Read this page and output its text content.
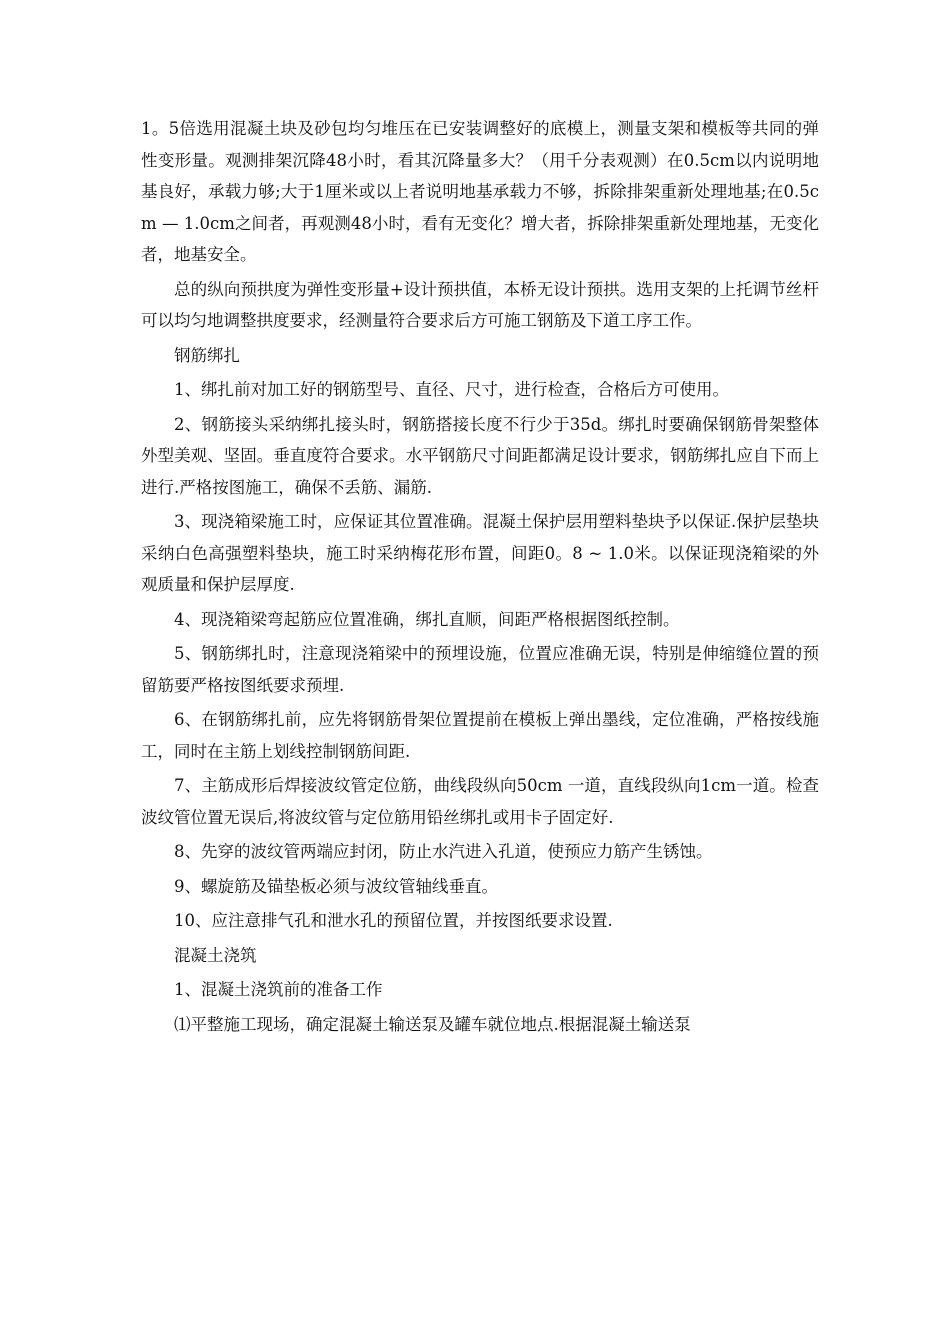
1。5倍选用混凝土块及砂包均匀堆压在已安装调整好的底模上，测量支架和模板等共同的弹性变形量。观测排架沉降48小时，看其沉降量多大？（用千分表观测）在0.5cm以内说明地基良好，承载力够;大于1厘米或以上者说明地基承载力不够，拆除排架重新处理地基;在0.5cm — 1.0cm之间者，再观测48小时，看有无变化？增大者，拆除排架重新处理地基，无变化者，地基安全。

总的纵向预拱度为弹性变形量+设计预拱值，本桥无设计预拱。选用支架的上托调节丝杆可以均匀地调整拱度要求，经测量符合要求后方可施工钢筋及下道工序工作。

钢筋绑扎

1、绑扎前对加工好的钢筋型号、直径、尺寸，进行检查，合格后方可使用。

2、钢筋接头采纳绑扎接头时，钢筋搭接长度不行少于35d。绑扎时要确保钢筋骨架整体外型美观、坚固。垂直度符合要求。水平钢筋尺寸间距都满足设计要求，钢筋绑扎应自下而上进行.严格按图施工，确保不丢筋、漏筋.

3、现浇箱梁施工时，应保证其位置准确。混凝土保护层用塑料垫块予以保证.保护层垫块采纳白色高强塑料垫块，施工时采纳梅花形布置，间距0。8 ~ 1.0米。以保证现浇箱梁的外观质量和保护层厚度.

4、现浇箱梁弯起筋应位置准确，绑扎直顺，间距严格根据图纸控制。

5、钢筋绑扎时，注意现浇箱梁中的预埋设施，位置应准确无误，特别是伸缩缝位置的预留筋要严格按图纸要求预埋.

6、在钢筋绑扎前，应先将钢筋骨架位置提前在模板上弹出墨线，定位准确，严格按线施工，同时在主筋上划线控制钢筋间距.

7、主筋成形后焊接波纹管定位筋，曲线段纵向50cm 一道，直线段纵向1cm一道。检查波纹管位置无误后,将波纹管与定位筋用铅丝绑扎或用卡子固定好.

8、先穿的波纹管两端应封闭，防止水汽进入孔道，使预应力筋产生锈蚀。

9、螺旋筋及锚垫板必须与波纹管轴线垂直。

10、应注意排气孔和泄水孔的预留位置，并按图纸要求设置.

混凝土浇筑

1、混凝土浇筑前的准备工作

⑴平整施工现场，确定混凝土输送泵及罐车就位地点.根据混凝土输送泵
